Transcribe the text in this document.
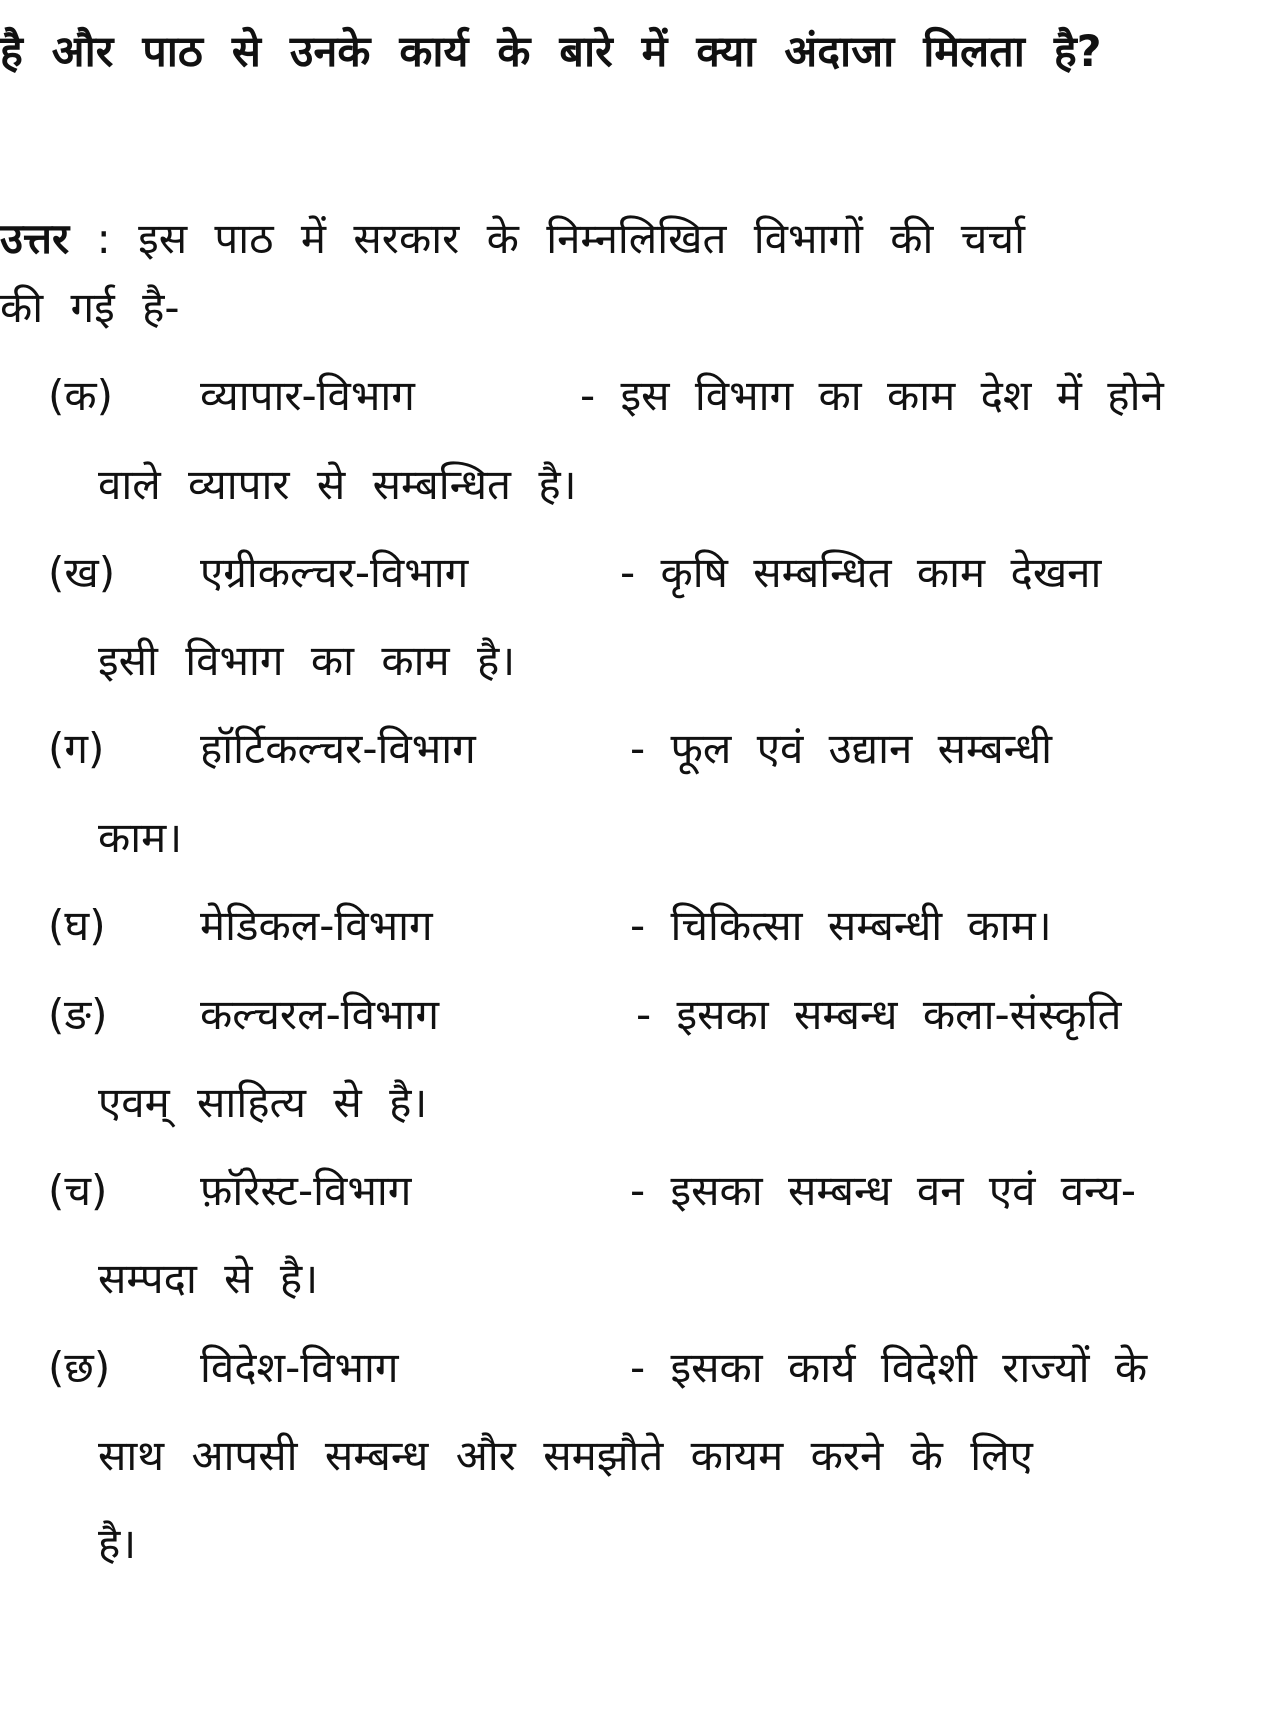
है और पाठ से उनके कार्य के बारे में क्या अंदाजा मिलता है?
उत्तर : इस पाठ में सरकार के निम्नलिखित विभागों की चर्चा
की गई है-
(क) व्यापार-विभाग	- इस विभाग का काम देश में होने
वाले व्यापार से सम्बन्धित है।
(ख) एग्रीकल्चर-विभाग	- कृषि सम्बन्धित काम देखना
इसी विभाग का काम है।
(ग) हॉर्टिकल्चर-विभाग	- फूल एवं उद्यान सम्बन्धी
काम।
(घ) मेडिकल-विभाग	- चिकित्सा सम्बन्धी काम।
(ङ) कल्चरल-विभाग	- इसका सम्बन्ध कला-संस्कृति
एवम् साहित्य से है।
(च) फ़ॉरेस्ट-विभाग	- इसका सम्बन्ध वन एवं वन्य-
सम्पदा से है।
(छ) विदेश-विभाग	- इसका कार्य विदेशी राज्यों के
साथ आपसी सम्बन्ध और समझौते कायम करने के लिए
है।
